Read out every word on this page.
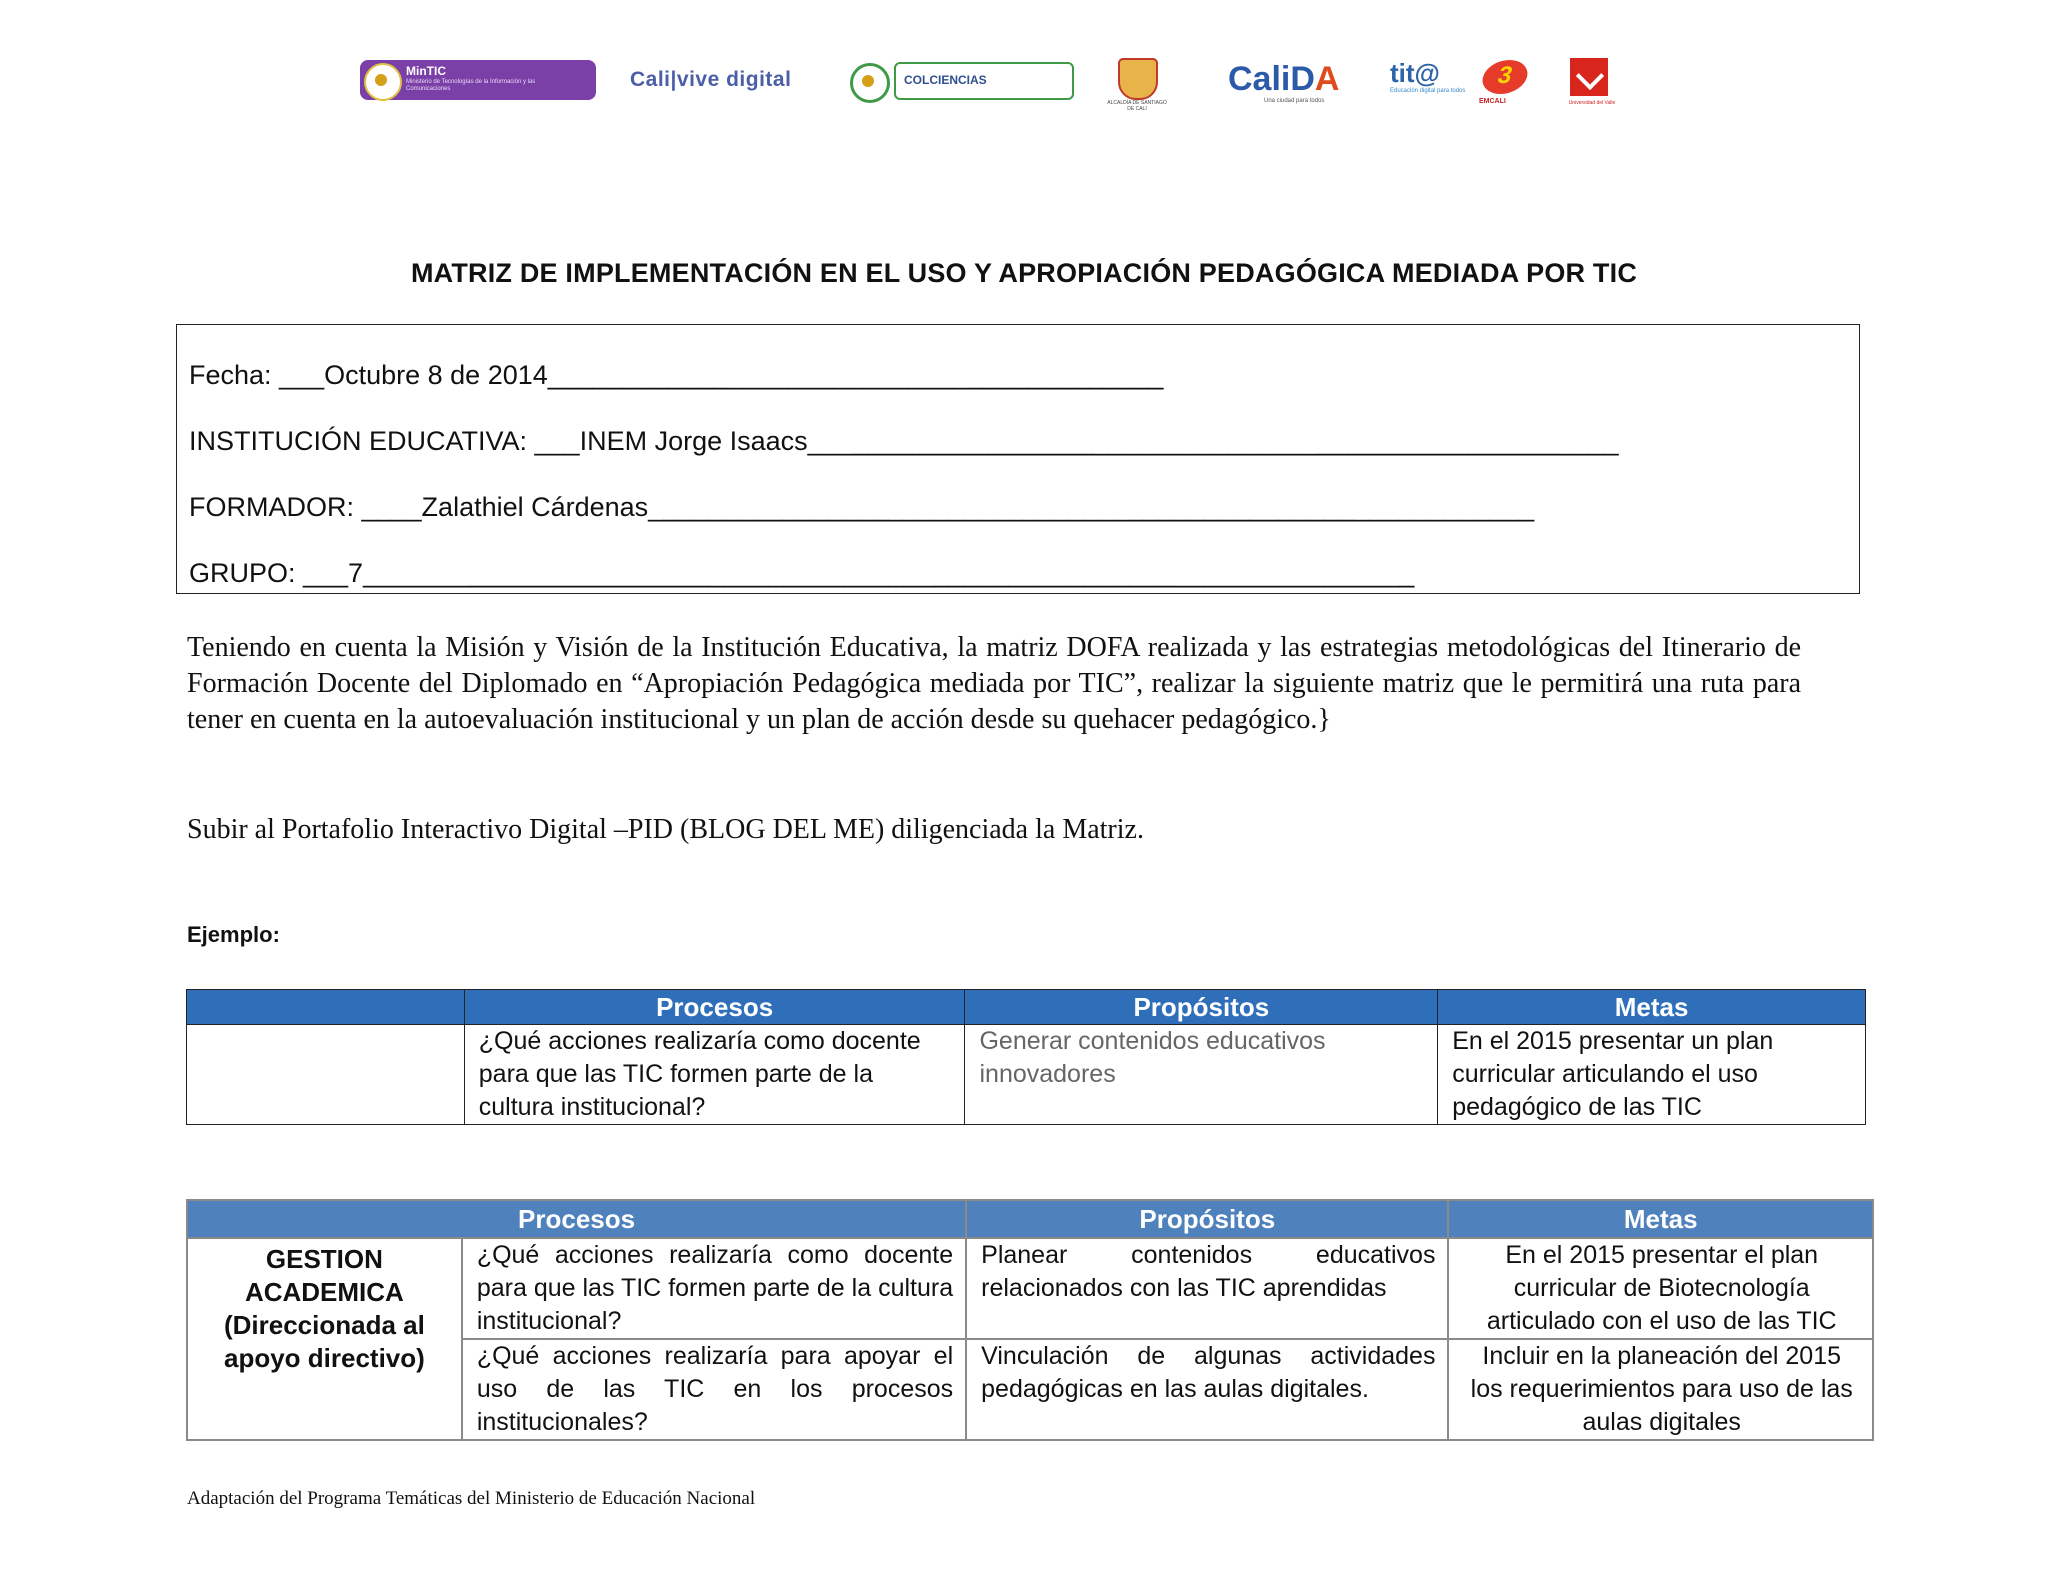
MinTIC
Ministerio de Tecnologías de la Información y las Comunicaciones	Cali|vive digital	COLCIENCIAS
ALCALDÍA DE SANTIAGO DE CALI
CaliDA
Una ciudad para todos
tit@
Educación digital para todos
3
EMCALI	Universidad del Valle
MATRIZ DE IMPLEMENTACIÓN EN EL USO Y APROPIACIÓN PEDAGÓGICA MEDIADA POR TIC
Fecha: ___Octubre 8 de 2014_________________________________________
INSTITUCIÓN EDUCATIVA: ___INEM Jorge Isaacs______________________________________________________
FORMADOR: ____Zalathiel Cárdenas___________________________________________________________
GRUPO: ___7______________________________________________________________________
Teniendo en cuenta la Misión y Visión de la Institución Educativa, la matriz DOFA realizada y las estrategias metodológicas del Itinerario de Formación Docente del Diplomado en “Apropiación Pedagógica mediada por TIC”, realizar la siguiente matriz que le permitirá una ruta para tener en cuenta en la autoevaluación institucional y un plan de acción desde su quehacer pedagógico.}
Subir al Portafolio Interactivo Digital –PID (BLOG DEL ME) diligenciada la Matriz.
Ejemplo:
	Procesos	Propósitos	Metas
	¿Qué acciones realizaría como docente para que las TIC formen parte de la cultura institucional?	Generar contenidos educativos innovadores	En el 2015 presentar un plan curricular articulando el uso pedagógico de las TIC
Procesos		Propósitos	Metas
GESTION ACADEMICA (Direccionada al apoyo directivo)	¿Qué acciones realizaría como docente para que las TIC formen parte de la cultura institucional?	Planear contenidos educativos relacionados con las TIC aprendidas	En el 2015 presentar el plan curricular de Biotecnología articulado con el uso de las TIC
	¿Qué acciones realizaría para apoyar el uso de las TIC en los procesos institucionales?	Vinculación de algunas actividades pedagógicas en las aulas digitales.	Incluir en la planeación del 2015 los requerimientos para uso de las aulas digitales
Adaptación del Programa Temáticas del Ministerio de Educación Nacional
